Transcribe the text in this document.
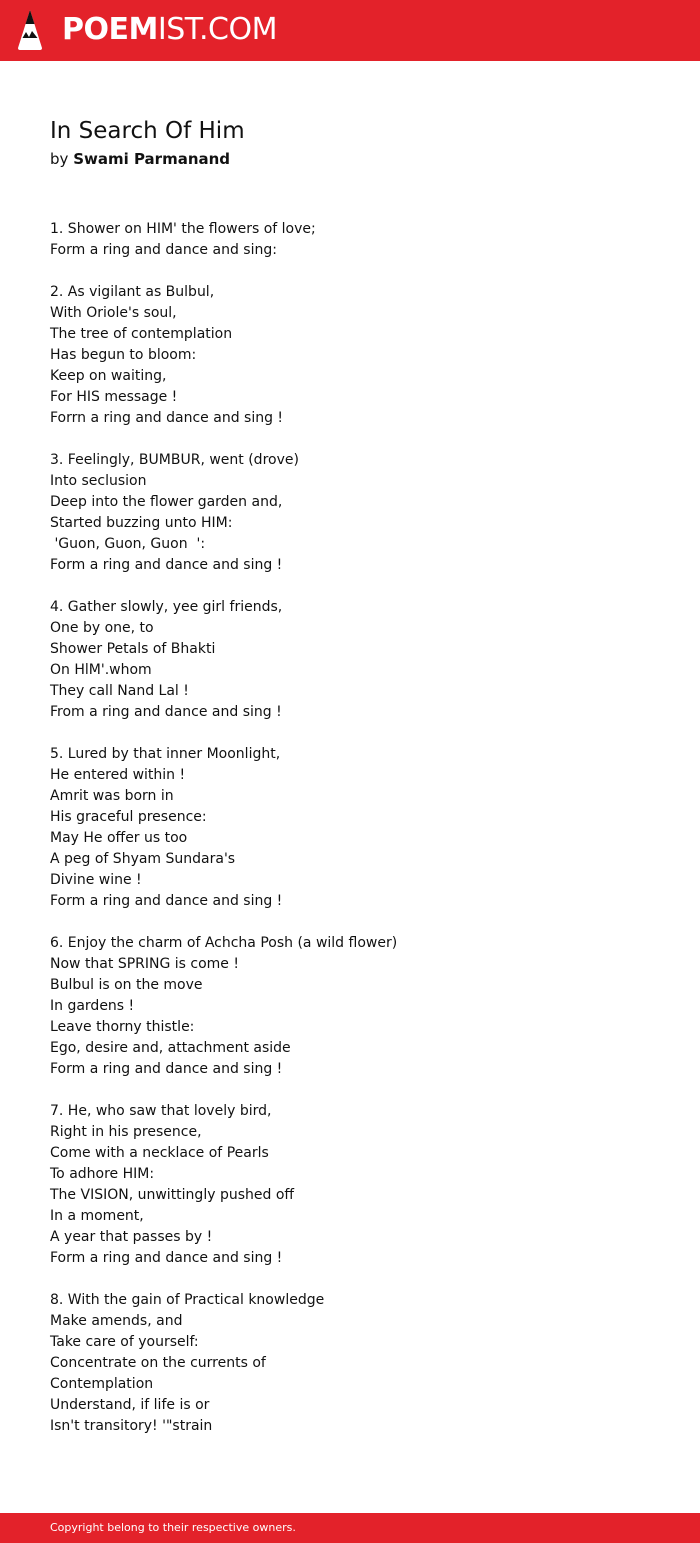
POEMIST.COM
In Search Of Him
by Swami Parmanand
1. Shower on HIM' the flowers of love;
Form a ring and dance and sing:
2. As vigilant as Bulbul,
With Oriole's soul,
The tree of contemplation
Has begun to bloom:
Keep on waiting,
For HIS message !
Forrn a ring and dance and sing !
3. Feelingly, BUMBUR, went (drove)
Into seclusion
Deep into the flower garden and,
Started buzzing unto HIM:
'Guon, Guon, Guon  ':
Form a ring and dance and sing !
4. Gather slowly, yee girl friends,
One by one, to
Shower Petals of Bhakti
On HlM'.whom
They call Nand Lal !
From a ring and dance and sing !
5. Lured by that inner Moonlight,
He entered within !
Amrit was born in
His graceful presence:
May He offer us too
A peg of Shyam Sundara's
Divine wine !
Form a ring and dance and sing !
6. Enjoy the charm of Achcha Posh (a wild flower)
Now that SPRING is come !
Bulbul is on the move
In gardens !
Leave thorny thistle:
Ego, desire and, attachment aside
Form a ring and dance and sing !
7. He, who saw that lovely bird,
Right in his presence,
Come with a necklace of Pearls
To adhore HIM:
The VISION, unwittingly pushed off
In a moment,
A year that passes by !
Form a ring and dance and sing !
8. With the gain of Practical knowledge
Make amends, and
Take care of yourself:
Concentrate on the currents of
Contemplation
Understand, if life is or
Isn't transitory! '"strain
Copyright belong to their respective owners.
